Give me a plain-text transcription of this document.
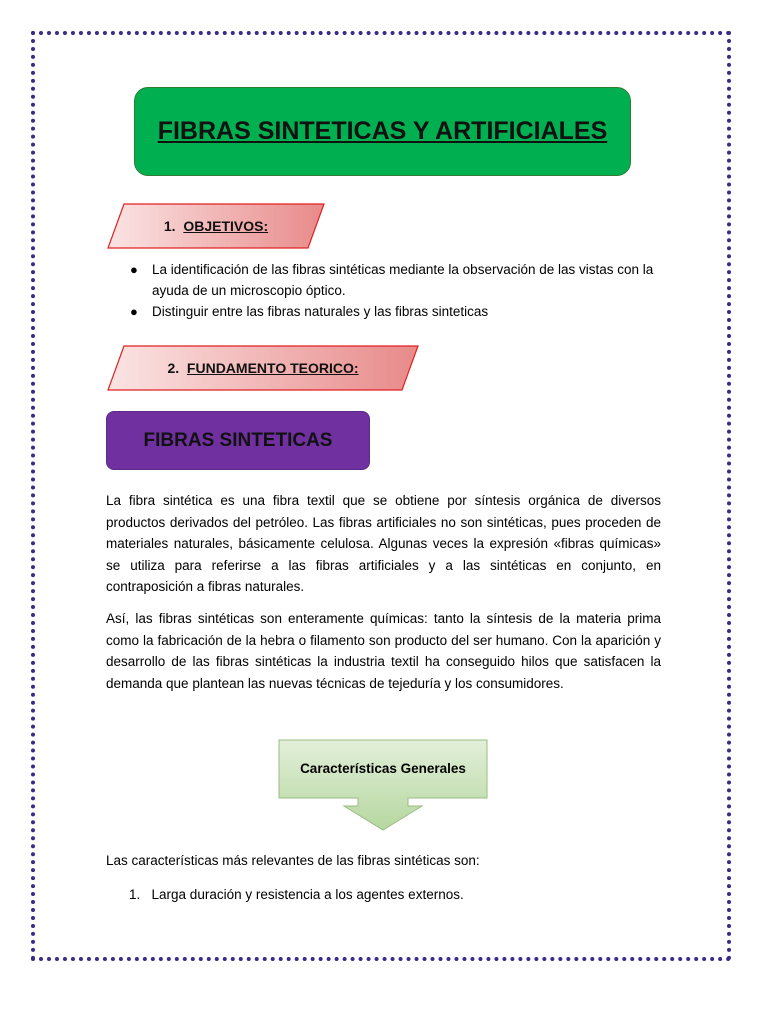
FIBRAS SINTETICAS Y ARTIFICIALES
1. OBJETIVOS:
● La identificación de las fibras sintéticas mediante la observación de las vistas con la ayuda de un microscopio óptico.
● Distinguir entre las fibras naturales y las fibras sinteticas
2. FUNDAMENTO TEORICO:
FIBRAS SINTETICAS

La fibra sintética es una fibra textil que se obtiene por síntesis orgánica de diversos productos derivados del petróleo. Las fibras artificiales no son sintéticas, pues proceden de materiales naturales, básicamente celulosa. Algunas veces la expresión «fibras químicas» se utiliza para referirse a las fibras artificiales y a las sintéticas en conjunto, en contraposición a fibras naturales.

Así, las fibras sintéticas son enteramente químicas: tanto la síntesis de la materia prima como la fabricación de la hebra o filamento son producto del ser humano. Con la aparición y desarrollo de las fibras sintéticas la industria textil ha conseguido hilos que satisfacen la demanda que plantean las nuevas técnicas de tejeduría y los consumidores.

Características Generales
Las características más relevantes de las fibras sintéticas son:
1. Larga duración y resistencia a los agentes externos.
